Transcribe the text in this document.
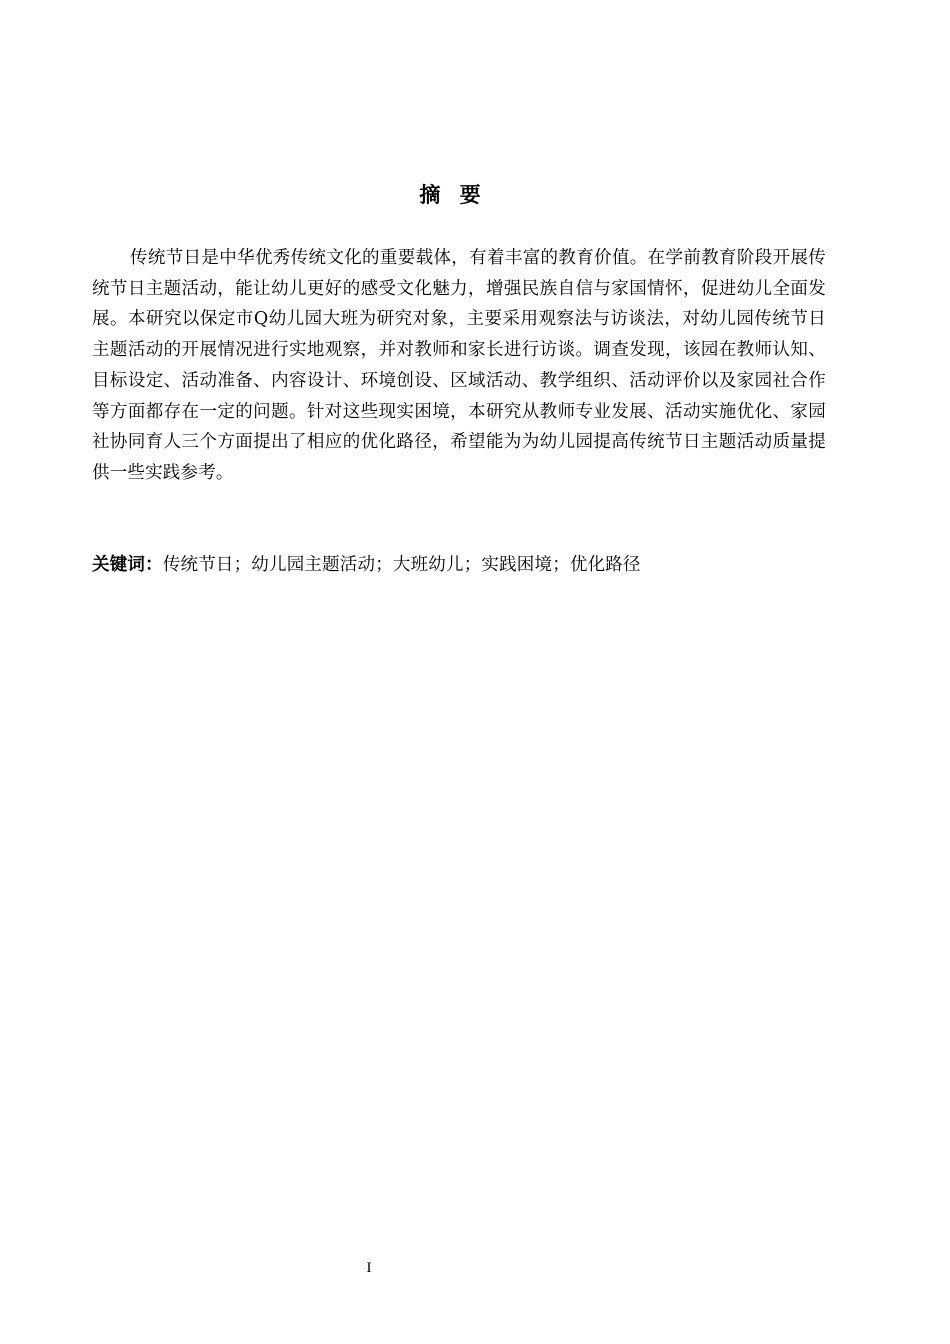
摘 要

传统节日是中华优秀传统文化的重要载体，有着丰富的教育价值。在学前教育阶段开展传统节日主题活动，能让幼儿更好的感受文化魅力，增强民族自信与家国情怀，促进幼儿全面发展。本研究以保定市Q幼儿园大班为研究对象，主要采用观察法与访谈法，对幼儿园传统节日主题活动的开展情况进行实地观察，并对教师和家长进行访谈。调查发现，该园在教师认知、目标设定、活动准备、内容设计、环境创设、区域活动、教学组织、活动评价以及家园社合作等方面都存在一定的问题。针对这些现实困境，本研究从教师专业发展、活动实施优化、家园社协同育人三个方面提出了相应的优化路径，希望能为为幼儿园提高传统节日主题活动质量提供一些实践参考。

关键词：传统节日；幼儿园主题活动；大班幼儿；实践困境；优化路径

I
